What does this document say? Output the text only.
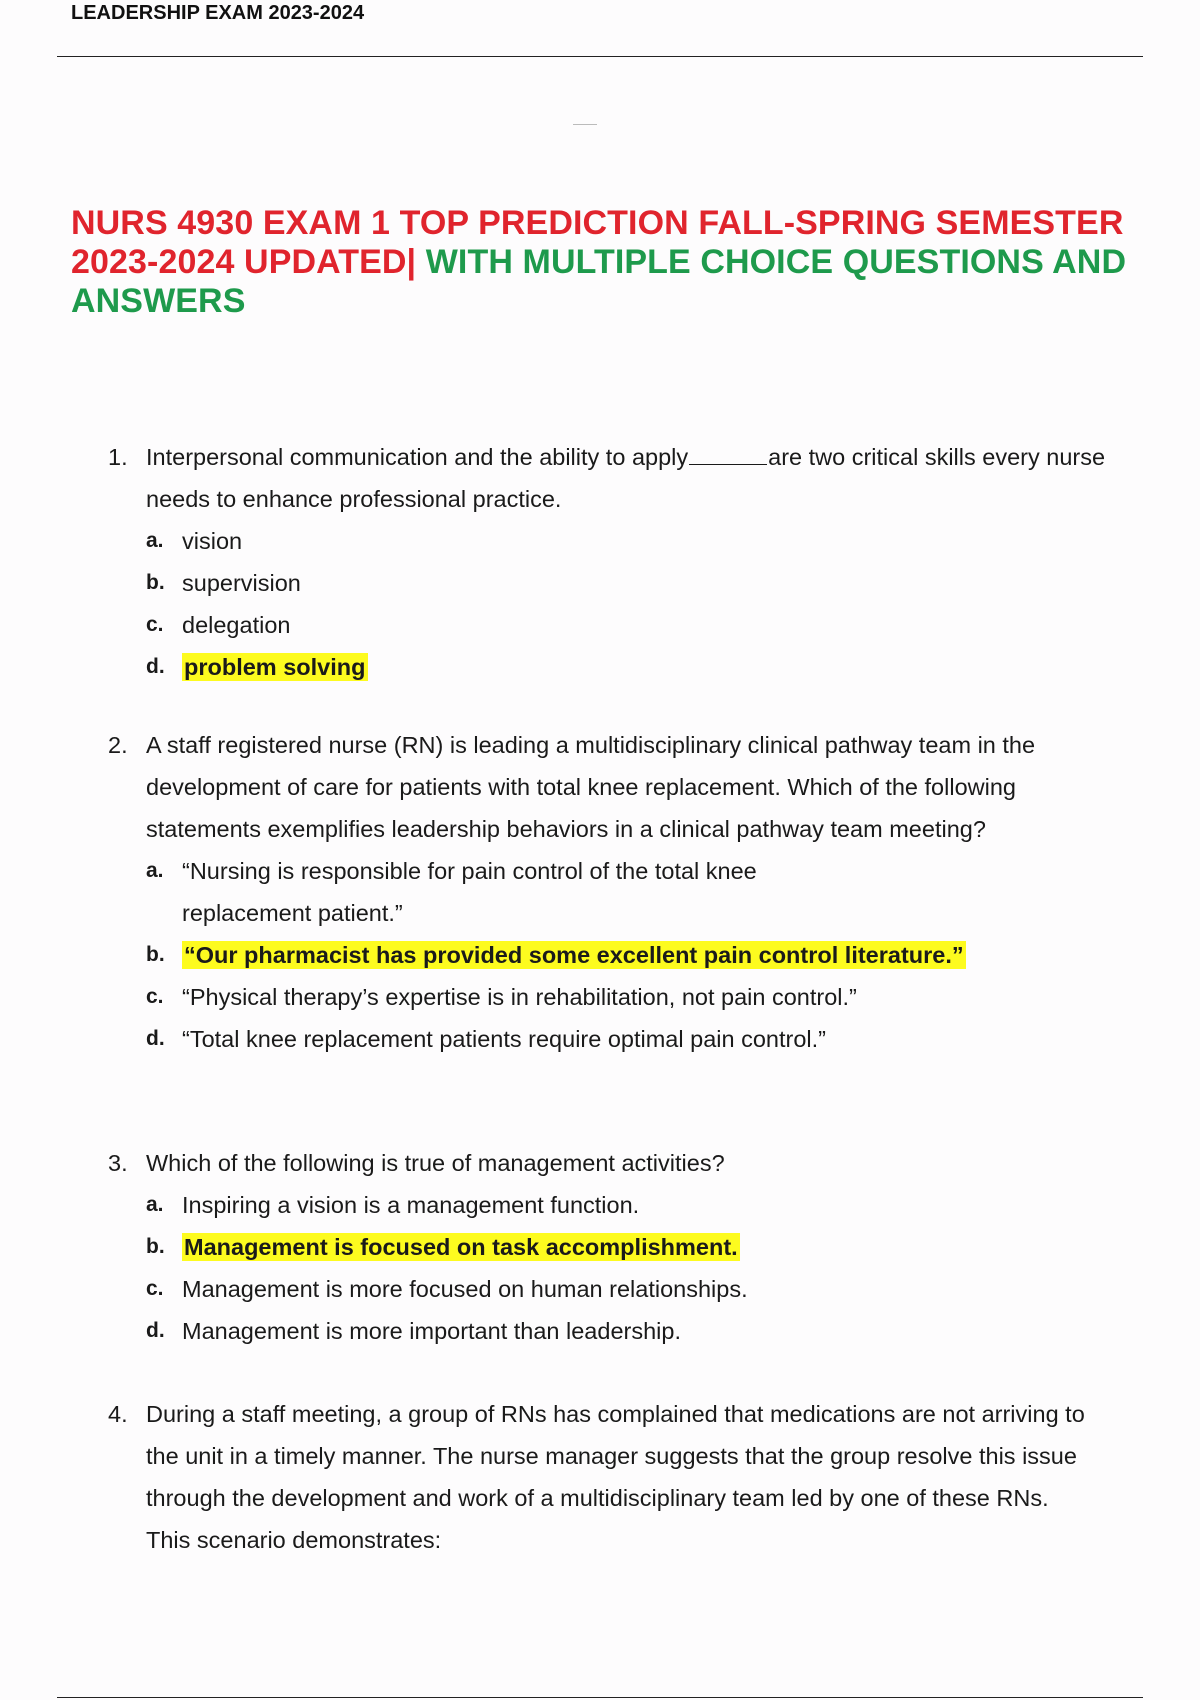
LEADERSHIP EXAM 2023-2024
NURS 4930 EXAM 1 TOP PREDICTION FALL-SPRING SEMESTER 2023-2024 UPDATED| WITH MULTIPLE CHOICE QUESTIONS AND ANSWERS
1. Interpersonal communication and the ability to apply	are two critical skills every nurse needs to enhance professional practice.
a. vision
b. supervision
c. delegation
d. problem solving
2. A staff registered nurse (RN) is leading a multidisciplinary clinical pathway team in the development of care for patients with total knee replacement. Which of the following statements exemplifies leadership behaviors in a clinical pathway team meeting?
a. “Nursing is responsible for pain control of the total knee replacement patient.”
b. “Our pharmacist has provided some excellent pain control literature.”
c. “Physical therapy’s expertise is in rehabilitation, not pain control.”
d. “Total knee replacement patients require optimal pain control.”
3. Which of the following is true of management activities?
a. Inspiring a vision is a management function.
b. Management is focused on task accomplishment.
c. Management is more focused on human relationships.
d. Management is more important than leadership.
4. During a staff meeting, a group of RNs has complained that medications are not arriving to the unit in a timely manner. The nurse manager suggests that the group resolve this issue through the development and work of a multidisciplinary team led by one of these RNs. This scenario demonstrates:
